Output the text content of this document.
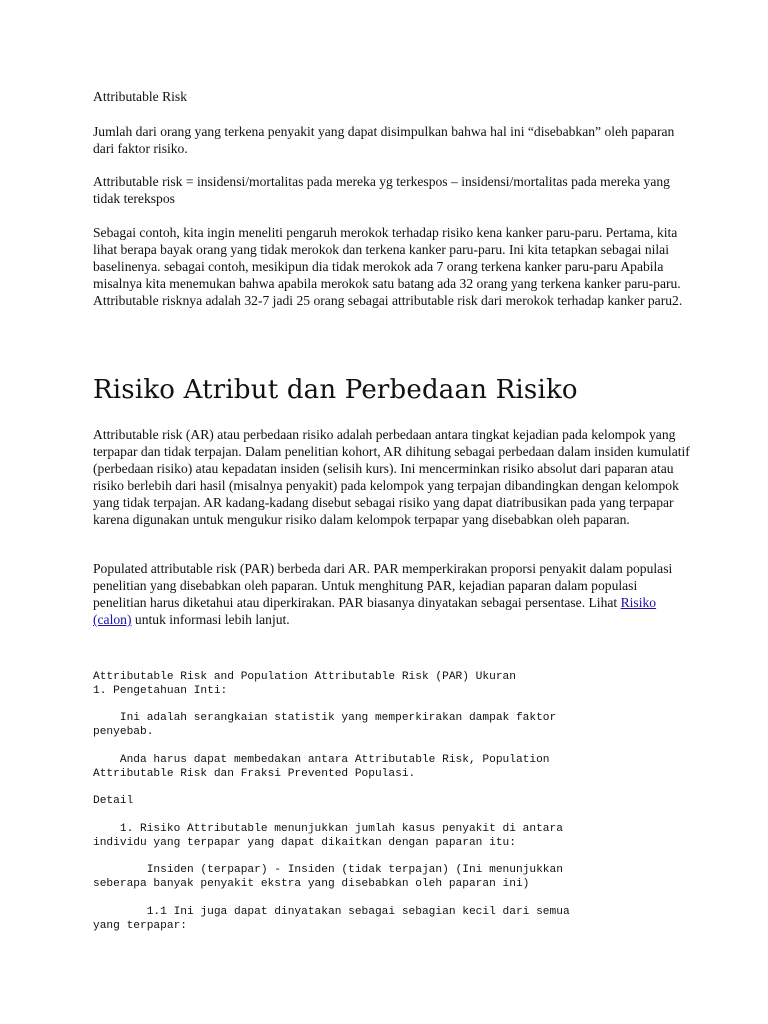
Attributable Risk

Jumlah dari orang yang terkena penyakit yang dapat disimpulkan bahwa hal ini “disebabkan” oleh paparan dari faktor risiko.

Attributable risk = insidensi/mortalitas pada mereka yg terkespos – insidensi/mortalitas pada mereka yang tidak terekspos

Sebagai contoh, kita ingin meneliti pengaruh merokok terhadap risiko kena kanker paru-paru. Pertama, kita lihat berapa bayak orang yang tidak merokok dan terkena kanker paru-paru. Ini kita tetapkan sebagai nilai baselinenya. sebagai contoh, mesikipun dia tidak merokok ada 7 orang terkena kanker paru-paru Apabila misalnya kita menemukan bahwa apabila merokok satu batang ada 32 orang yang terkena kanker paru-paru. Attributable risknya adalah 32-7 jadi 25 orang sebagai attributable risk dari merokok terhadap kanker paru2.

Risiko Atribut dan Perbedaan Risiko

Attributable risk (AR) atau perbedaan risiko adalah perbedaan antara tingkat kejadian pada kelompok yang terpapar dan tidak terpajan. Dalam penelitian kohort, AR dihitung sebagai perbedaan dalam insiden kumulatif (perbedaan risiko) atau kepadatan insiden (selisih kurs). Ini mencerminkan risiko absolut dari paparan atau risiko berlebih dari hasil (misalnya penyakit) pada kelompok yang terpajan dibandingkan dengan kelompok yang tidak terpajan. AR kadang-kadang disebut sebagai risiko yang dapat diatribusikan pada yang terpapar karena digunakan untuk mengukur risiko dalam kelompok terpapar yang disebabkan oleh paparan.

Populated attributable risk (PAR) berbeda dari AR. PAR memperkirakan proporsi penyakit dalam populasi penelitian yang disebabkan oleh paparan. Untuk menghitung PAR, kejadian paparan dalam populasi penelitian harus diketahui atau diperkirakan. PAR biasanya dinyatakan sebagai persentase. Lihat Risiko (calon) untuk informasi lebih lanjut.

Attributable Risk and Population Attributable Risk (PAR) Ukuran
1. Pengetahuan Inti:
Ini adalah serangkaian statistik yang memperkirakan dampak faktor
penyebab.
Anda harus dapat membedakan antara Attributable Risk, Population
Attributable Risk dan Fraksi Prevented Populasi.
Detail
1. Risiko Attributable menunjukkan jumlah kasus penyakit di antara
individu yang terpapar yang dapat dikaitkan dengan paparan itu:
Insiden (terpapar) - Insiden (tidak terpajan) (Ini menunjukkan
seberapa banyak penyakit ekstra yang disebabkan oleh paparan ini)
1.1 Ini juga dapat dinyatakan sebagai sebagian kecil dari semua
yang terpapar:
